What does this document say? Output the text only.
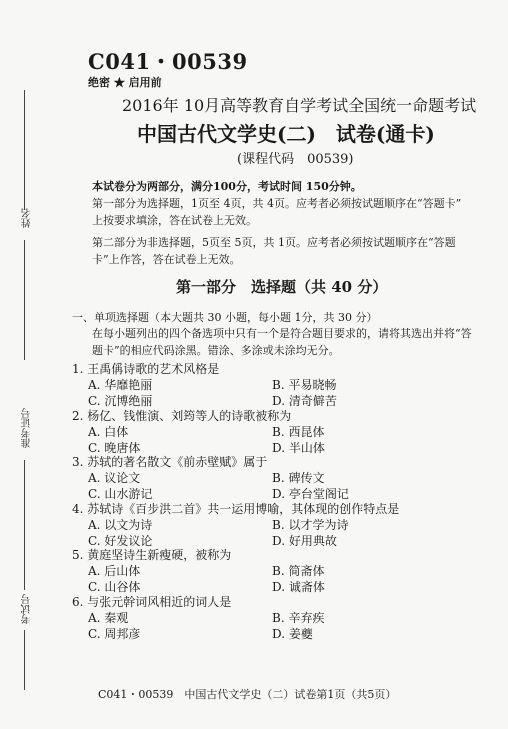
姓名
准考证号
考试号
C041・00539
绝密 ★ 启用前
2016年 10月高等教育自学考试全国统一命题考试
中国古代文学史(二)　试卷(通卡)
(课程代码　00539)
本试卷分为两部分，满分100分，考试时间 150分钟。
第一部分为选择题，1页至 4页，共 4页。应考者必须按试题顺序在“答题卡”
上按要求填涂，答在试卷上无效。
第二部分为非选择题，5页至 5页，共 1页。应考者必须按试题顺序在“答题
卡”上作答，答在试卷上无效。
第一部分　选择题（共 40 分）
一、单项选择题（本大题共 30 小题，每小题 1分，共 30 分）
在每小题列出的四个备选项中只有一个是符合题目要求的，请将其选出并将“答
题卡”的相应代码涂黑。错涂、多涂或未涂均无分。
1. 王禹偁诗歌的艺术风格是
A. 华靡艳丽	B. 平易晓畅
C. 沉博绝丽	D. 清奇僻苦
2. 杨亿、钱惟演、刘筠等人的诗歌被称为
A. 白体	B. 西昆体
C. 晚唐体	D. 半山体
3. 苏轼的著名散文《前赤壁赋》属于
A. 议论文	B. 碑传文
C. 山水游记	D. 亭台堂阁记
4. 苏轼诗《百步洪二首》共一运用博喻，其体现的创作特点是
A. 以文为诗	B. 以才学为诗
C. 好发议论	D. 好用典故
5. 黄庭坚诗生新瘦硬，被称为
A. 后山体	B. 简斋体
C. 山谷体	D. 诚斋体
6. 与张元幹词风相近的词人是
A. 秦观	B. 辛弃疾
C. 周邦彦	D. 姜夔
C041・00539　中国古代文学史（二）试卷第1页（共5页）
